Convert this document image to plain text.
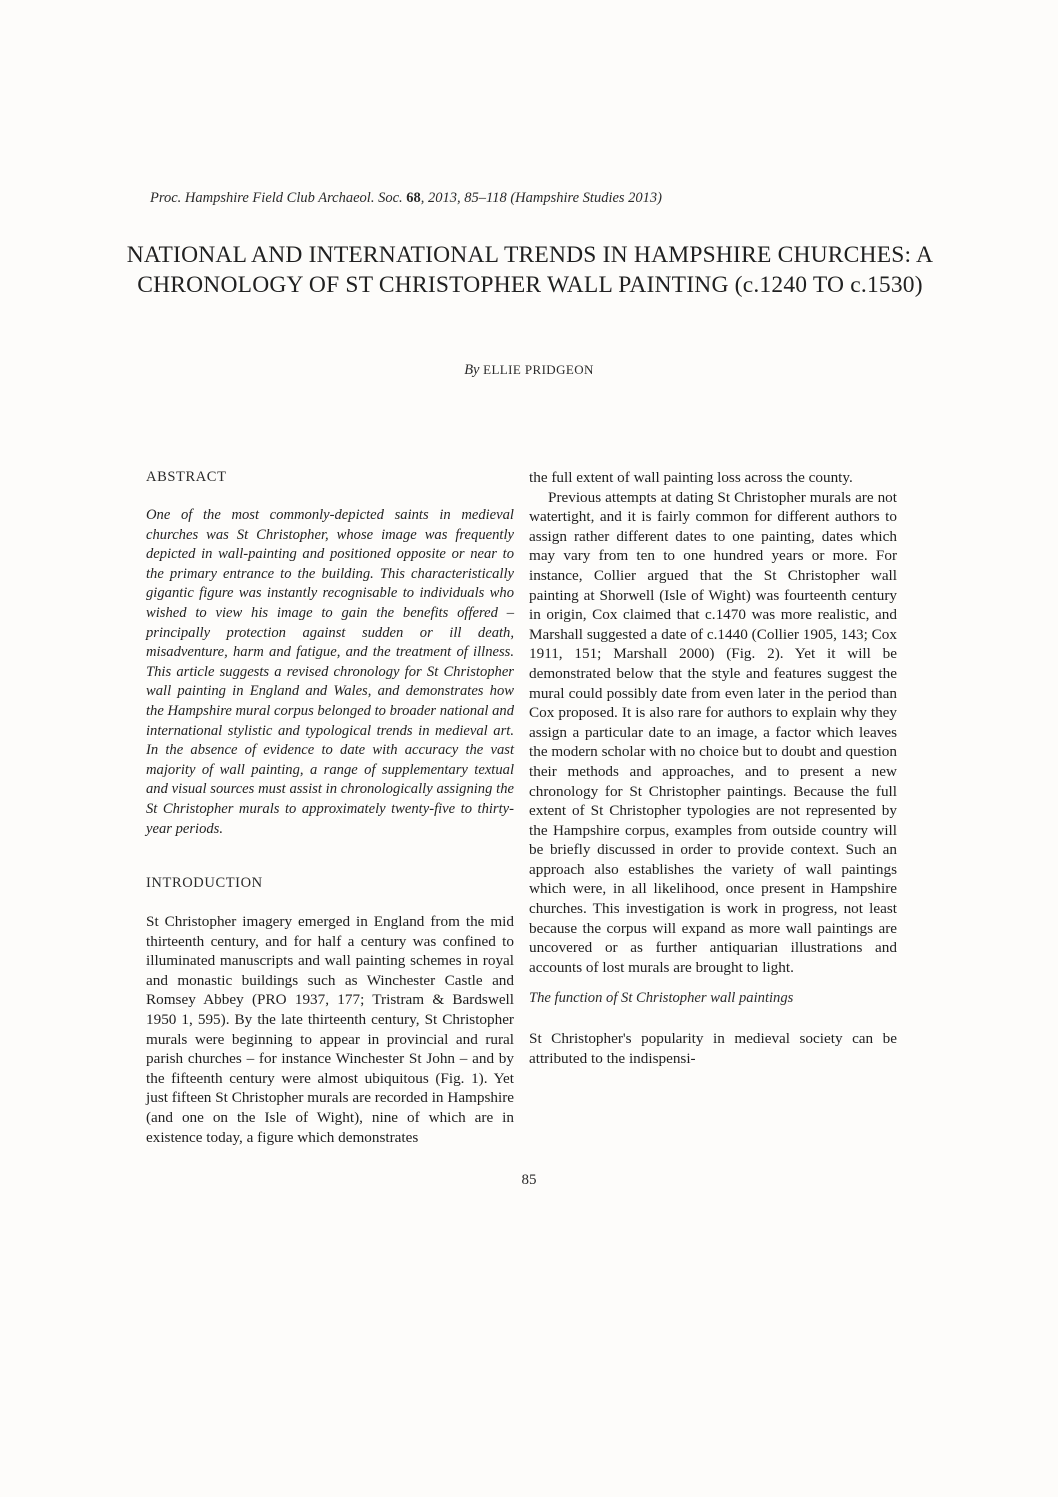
Proc. Hampshire Field Club Archaeol. Soc. 68, 2013, 85–118 (Hampshire Studies 2013)
NATIONAL AND INTERNATIONAL TRENDS IN HAMPSHIRE CHURCHES: A CHRONOLOGY OF ST CHRISTOPHER WALL PAINTING (c.1240 TO c.1530)
By ELLIE PRIDGEON
ABSTRACT

One of the most commonly-depicted saints in medieval churches was St Christopher, whose image was frequently depicted in wall-painting and positioned opposite or near to the primary entrance to the building. This characteristically gigantic figure was instantly recognisable to individuals who wished to view his image to gain the benefits offered – principally protection against sudden or ill death, misadventure, harm and fatigue, and the treatment of illness. This article suggests a revised chronology for St Christopher wall painting in England and Wales, and demonstrates how the Hampshire mural corpus belonged to broader national and international stylistic and typological trends in medieval art. In the absence of evidence to date with accuracy the vast majority of wall painting, a range of supplementary textual and visual sources must assist in chronologically assigning the St Christopher murals to approximately twenty-five to thirty-year periods.

INTRODUCTION

St Christopher imagery emerged in England from the mid thirteenth century, and for half a century was confined to illuminated manuscripts and wall painting schemes in royal and monastic buildings such as Winchester Castle and Romsey Abbey (PRO 1937, 177; Tristram & Bardswell 1950 1, 595). By the late thirteenth century, St Christopher murals were beginning to appear in provincial and rural parish churches – for instance Winchester St John – and by the fifteenth century were almost ubiquitous (Fig. 1). Yet just fifteen St Christopher murals are recorded in Hampshire (and one on the Isle of Wight), nine of which are in existence today, a figure which demonstrates

the full extent of wall painting loss across the county.

Previous attempts at dating St Christopher murals are not watertight, and it is fairly common for different authors to assign rather different dates to one painting, dates which may vary from ten to one hundred years or more. For instance, Collier argued that the St Christopher wall painting at Shorwell (Isle of Wight) was fourteenth century in origin, Cox claimed that c.1470 was more realistic, and Marshall suggested a date of c.1440 (Collier 1905, 143; Cox 1911, 151; Marshall 2000) (Fig. 2). Yet it will be demonstrated below that the style and features suggest the mural could possibly date from even later in the period than Cox proposed. It is also rare for authors to explain why they assign a particular date to an image, a factor which leaves the modern scholar with no choice but to doubt and question their methods and approaches, and to present a new chronology for St Christopher paintings. Because the full extent of St Christopher typologies are not represented by the Hampshire corpus, examples from outside country will be briefly discussed in order to provide context. Such an approach also establishes the variety of wall paintings which were, in all likelihood, once present in Hampshire churches. This investigation is work in progress, not least because the corpus will expand as more wall paintings are uncovered or as further antiquarian illustrations and accounts of lost murals are brought to light.

The function of St Christopher wall paintings

St Christopher's popularity in medieval society can be attributed to the indispensi-

85
